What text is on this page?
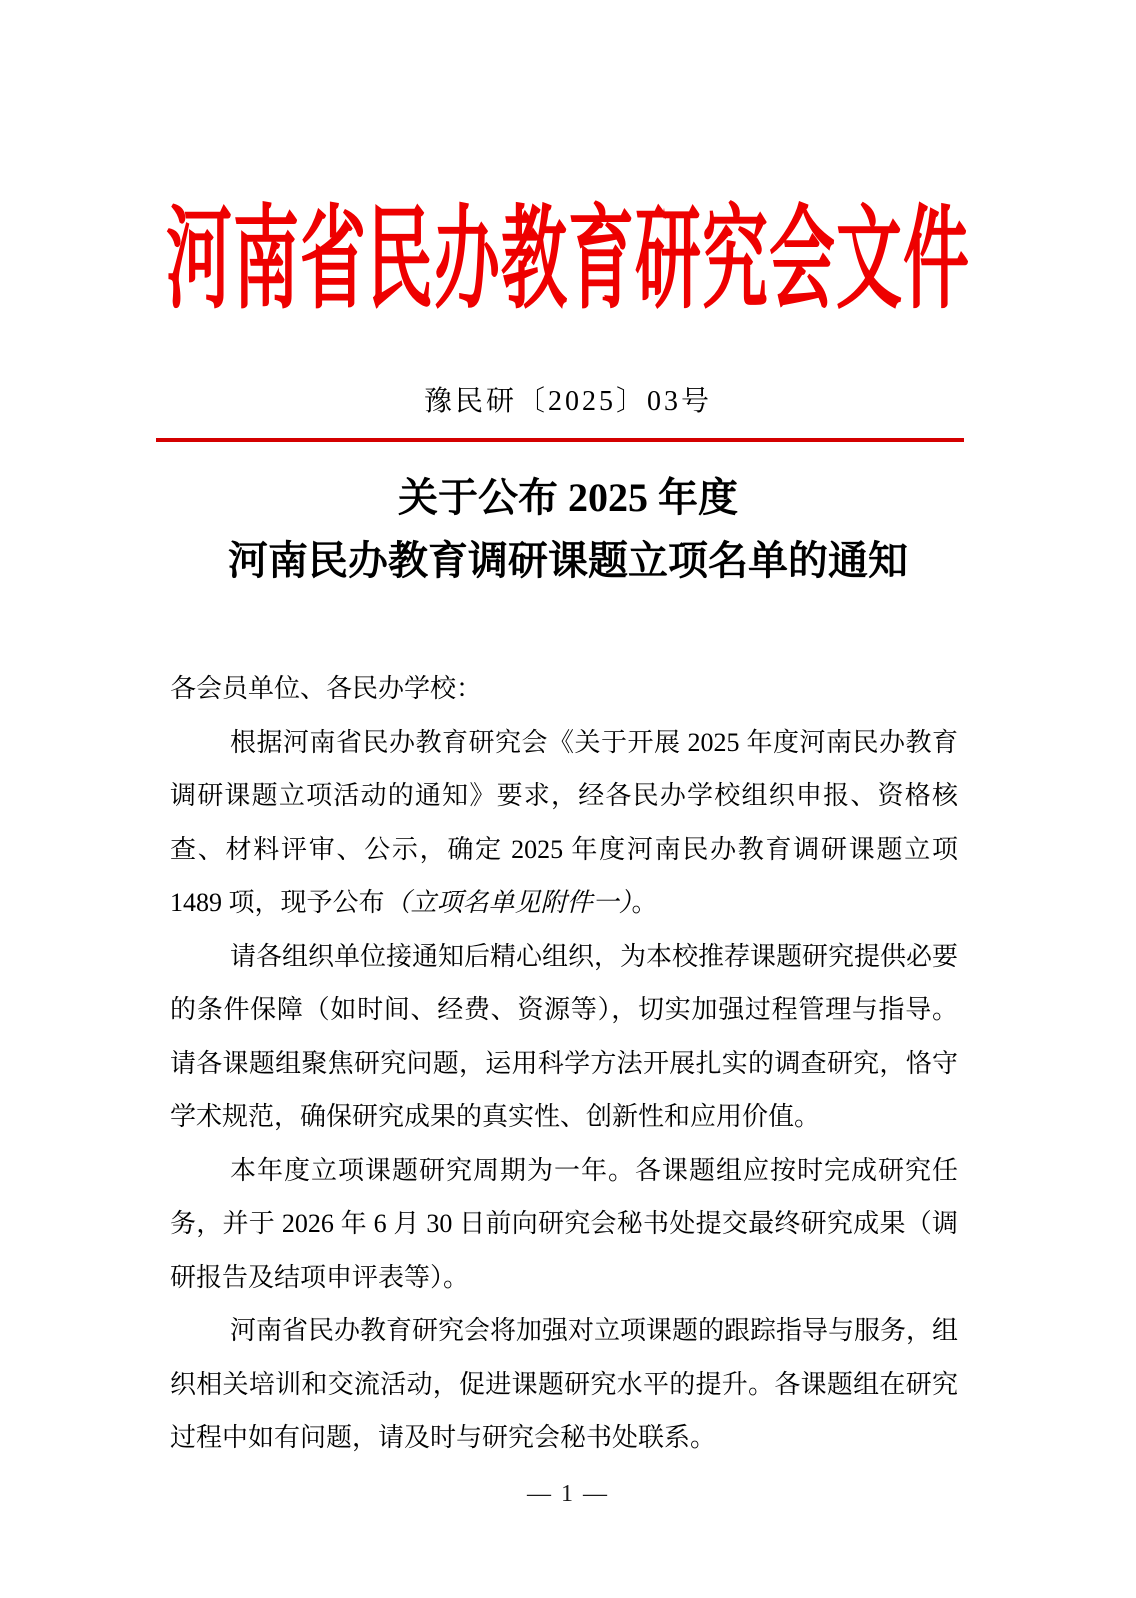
河南省民办教育研究会文件
豫民研〔2025〕03号
关于公布 2025 年度
河南民办教育调研课题立项名单的通知

各会员单位、各民办学校：

根据河南省民办教育研究会《关于开展 2025 年度河南民办教育调研课题立项活动的通知》要求，经各民办学校组织申报、资格核查、材料评审、公示，确定 2025 年度河南民办教育调研课题立项 1489 项，现予公布（立项名单见附件一）。

请各组织单位接通知后精心组织，为本校推荐课题研究提供必要的条件保障（如时间、经费、资源等），切实加强过程管理与指导。请各课题组聚焦研究问题，运用科学方法开展扎实的调查研究，恪守学术规范，确保研究成果的真实性、创新性和应用价值。

本年度立项课题研究周期为一年。各课题组应按时完成研究任务，并于 2026 年 6 月 30 日前向研究会秘书处提交最终研究成果（调研报告及结项申评表等）。

河南省民办教育研究会将加强对立项课题的跟踪指导与服务，组织相关培训和交流活动，促进课题研究水平的提升。各课题组在研究过程中如有问题，请及时与研究会秘书处联系。

— 1 —
